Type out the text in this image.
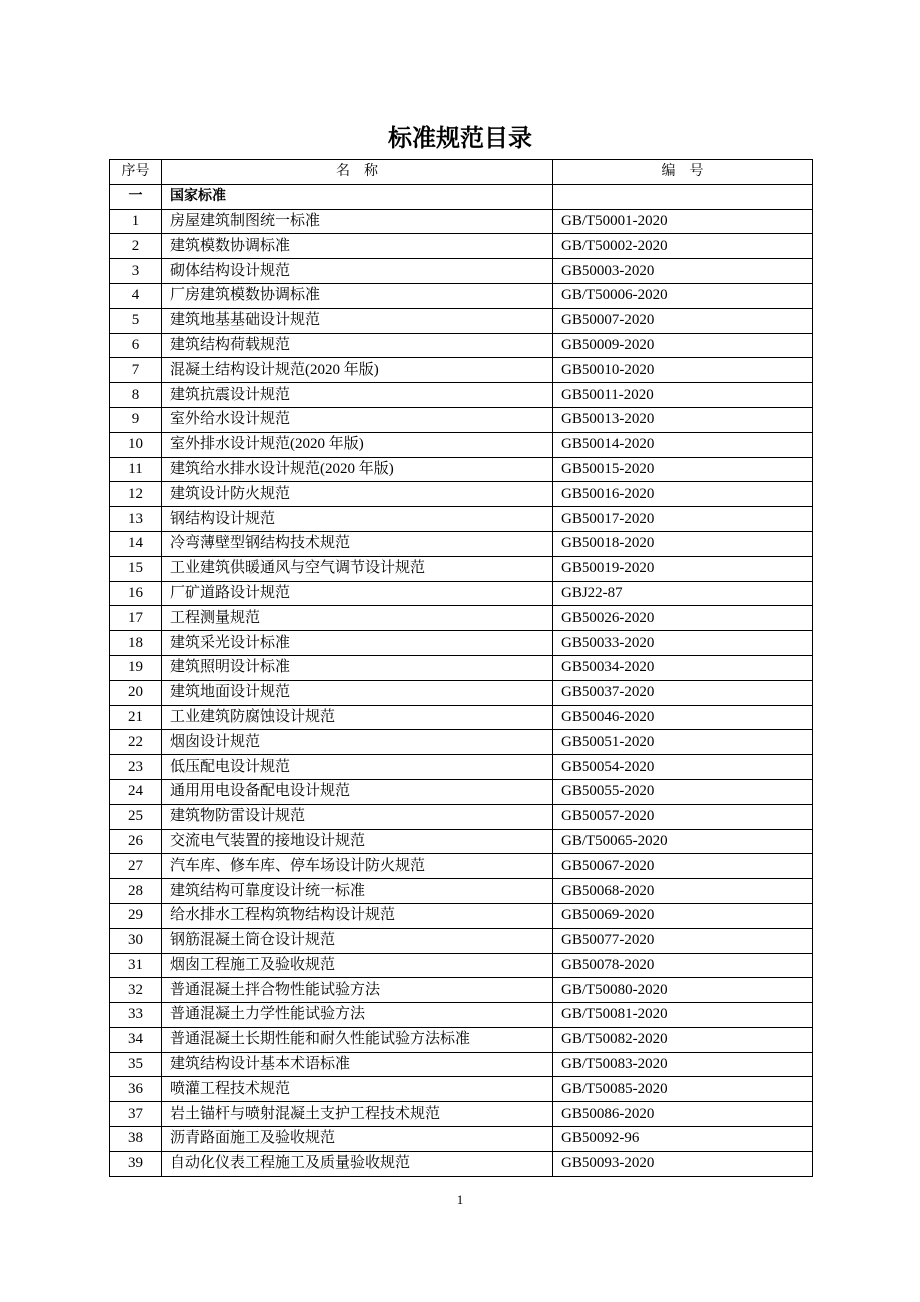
标准规范目录
序号	名　称	编　号
一	国家标准	
1	房屋建筑制图统一标准	GB/T50001-2020
2	建筑模数协调标准	GB/T50002-2020
3	砌体结构设计规范	GB50003-2020
4	厂房建筑模数协调标准	GB/T50006-2020
5	建筑地基基础设计规范	GB50007-2020
6	建筑结构荷载规范	GB50009-2020
7	混凝土结构设计规范(2020 年版)	GB50010-2020
8	建筑抗震设计规范	GB50011-2020
9	室外给水设计规范	GB50013-2020
10	室外排水设计规范(2020 年版)	GB50014-2020
11	建筑给水排水设计规范(2020 年版)	GB50015-2020
12	建筑设计防火规范	GB50016-2020
13	钢结构设计规范	GB50017-2020
14	冷弯薄壁型钢结构技术规范	GB50018-2020
15	工业建筑供暖通风与空气调节设计规范	GB50019-2020
16	厂矿道路设计规范	GBJ22-87
17	工程测量规范	GB50026-2020
18	建筑采光设计标准	GB50033-2020
19	建筑照明设计标准	GB50034-2020
20	建筑地面设计规范	GB50037-2020
21	工业建筑防腐蚀设计规范	GB50046-2020
22	烟囱设计规范	GB50051-2020
23	低压配电设计规范	GB50054-2020
24	通用用电设备配电设计规范	GB50055-2020
25	建筑物防雷设计规范	GB50057-2020
26	交流电气装置的接地设计规范	GB/T50065-2020
27	汽车库、修车库、停车场设计防火规范	GB50067-2020
28	建筑结构可靠度设计统一标准	GB50068-2020
29	给水排水工程构筑物结构设计规范	GB50069-2020
30	钢筋混凝土筒仓设计规范	GB50077-2020
31	烟囱工程施工及验收规范	GB50078-2020
32	普通混凝土拌合物性能试验方法	GB/T50080-2020
33	普通混凝土力学性能试验方法	GB/T50081-2020
34	普通混凝土长期性能和耐久性能试验方法标准	GB/T50082-2020
35	建筑结构设计基本术语标准	GB/T50083-2020
36	喷灌工程技术规范	GB/T50085-2020
37	岩土锚杆与喷射混凝土支护工程技术规范	GB50086-2020
38	沥青路面施工及验收规范	GB50092-96
39	自动化仪表工程施工及质量验收规范	GB50093-2020
1
